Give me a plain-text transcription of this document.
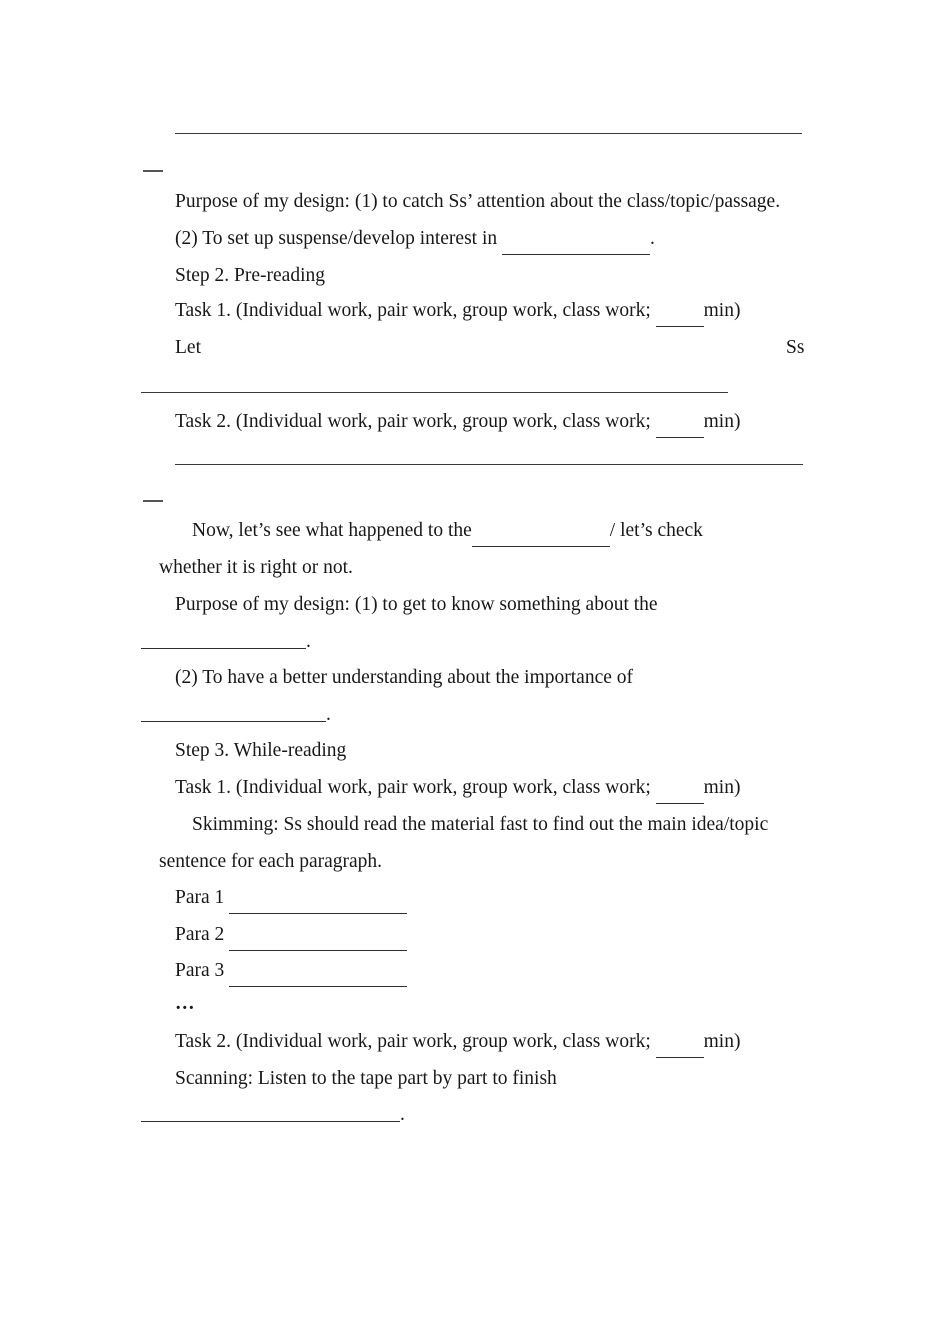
Purpose of my design: (1) to catch Ss’ attention about the class/topic/passage.
(2) To set up suspense/develop interest in	.
Step 2. Pre-reading
Task 1. (Individual work, pair work, group work, class work;	min)
Let	Ss
Task 2. (Individual work, pair work, group work, class work;	min)
Now, let’s see what happened to the	/ let’s check
whether it is right or not.
Purpose of my design: (1) to get to know something about the
.
(2) To have a better understanding about the importance of
.
Step 3. While-reading
Task 1. (Individual work, pair work, group work, class work;	min)
Skimming: Ss should read the material fast to find out the main idea/topic
sentence for each paragraph.
Para 1
Para 2
Para 3
…
Task 2. (Individual work, pair work, group work, class work;	min)
Scanning: Listen to the tape part by part to finish
.
